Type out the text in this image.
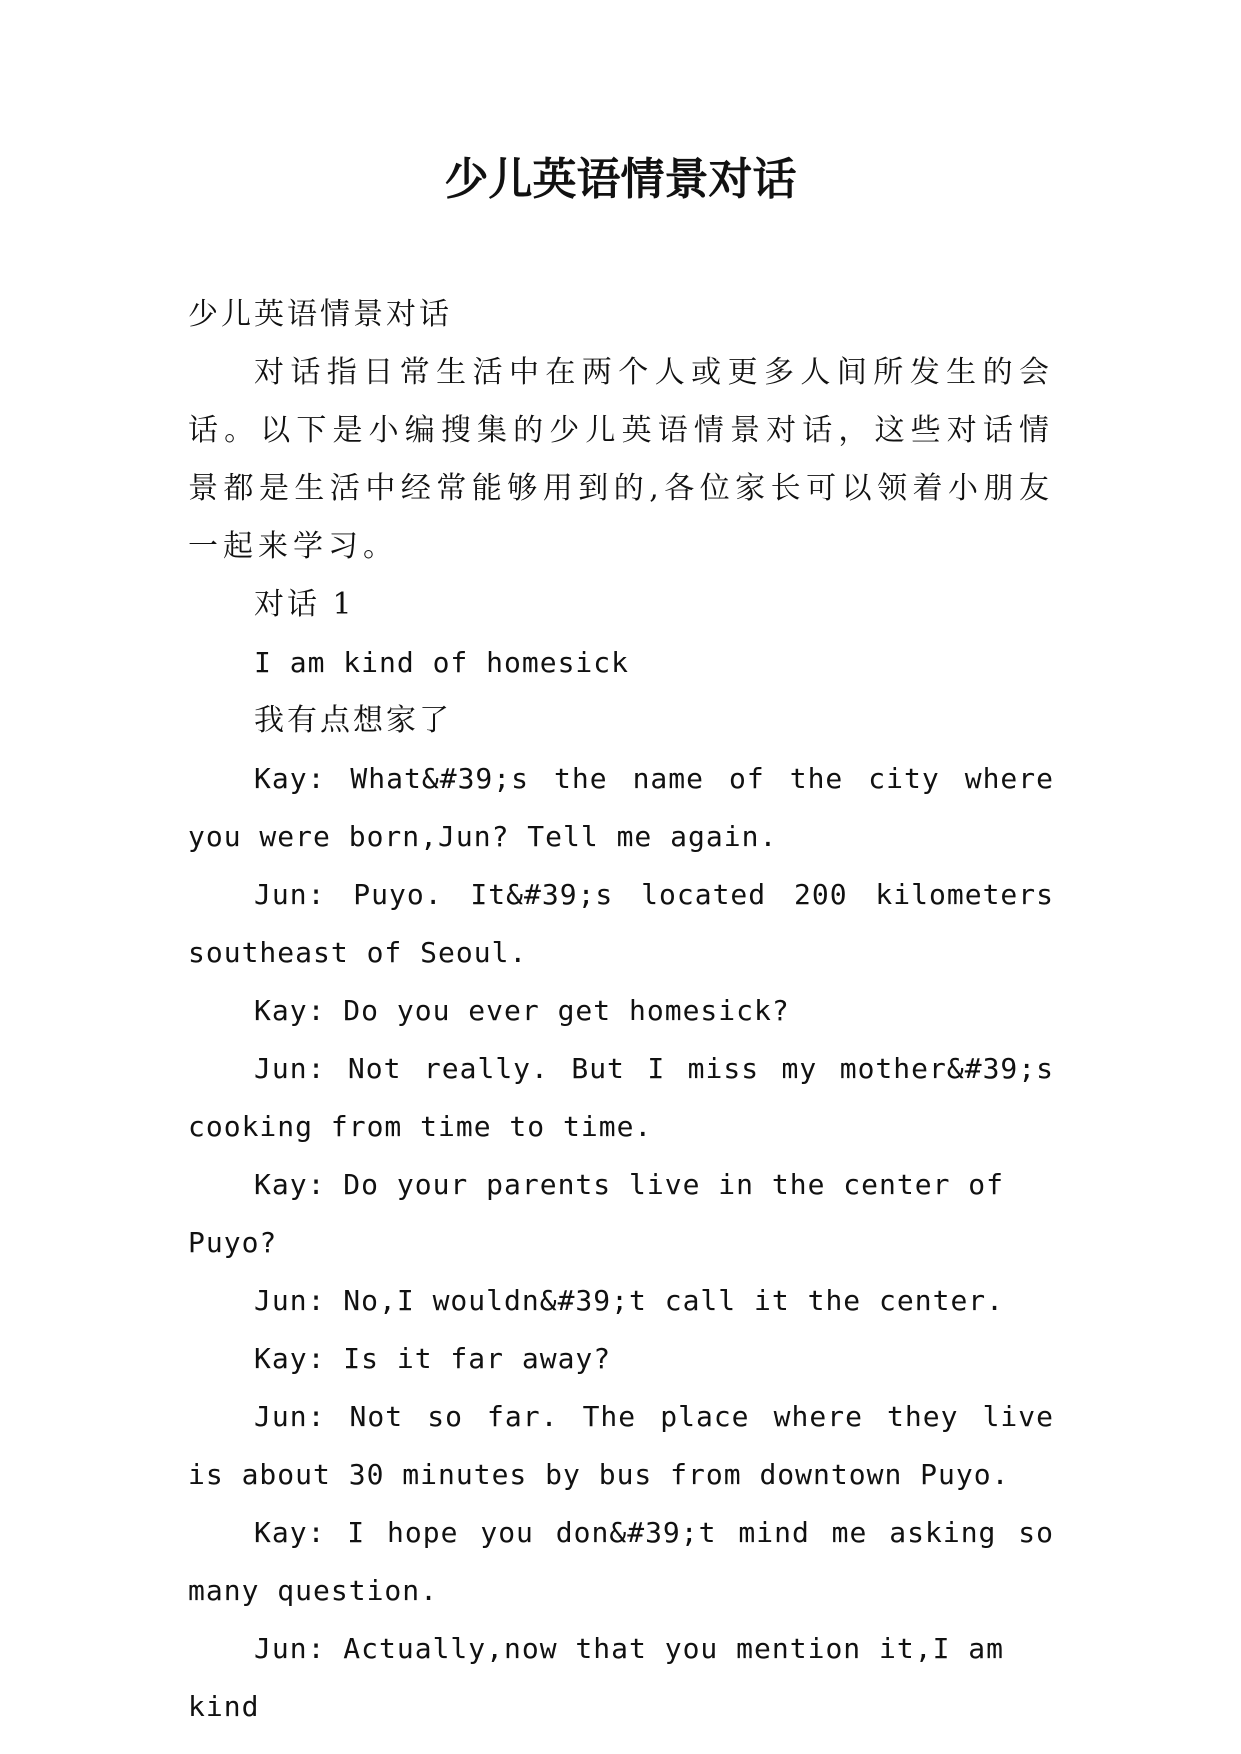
少儿英语情景对话

少儿英语情景对话

对话指日常生活中在两个人或更多人间所发生的会话。以下是小编搜集的少儿英语情景对话，这些对话情景都是生活中经常能够用到的,各位家长可以领着小朋友一起来学习。

对话 1

I am kind of homesick

我有点想家了

Kay: What&#39;s the name of the city where you were born,Jun? Tell me again.

Jun: Puyo. It&#39;s located 200 kilometers southeast of Seoul.

Kay: Do you ever get homesick?

Jun: Not really. But I miss my mother&#39;s cooking from time to time.

Kay: Do your parents live in the center of Puyo?

Jun: No,I wouldn&#39;t call it the center.

Kay: Is it far away?

Jun: Not so far. The place where they live is about 30 minutes by bus from downtown Puyo.

Kay: I hope you don&#39;t mind me asking so many question.

Jun: Actually,now that you mention it,I am kind
